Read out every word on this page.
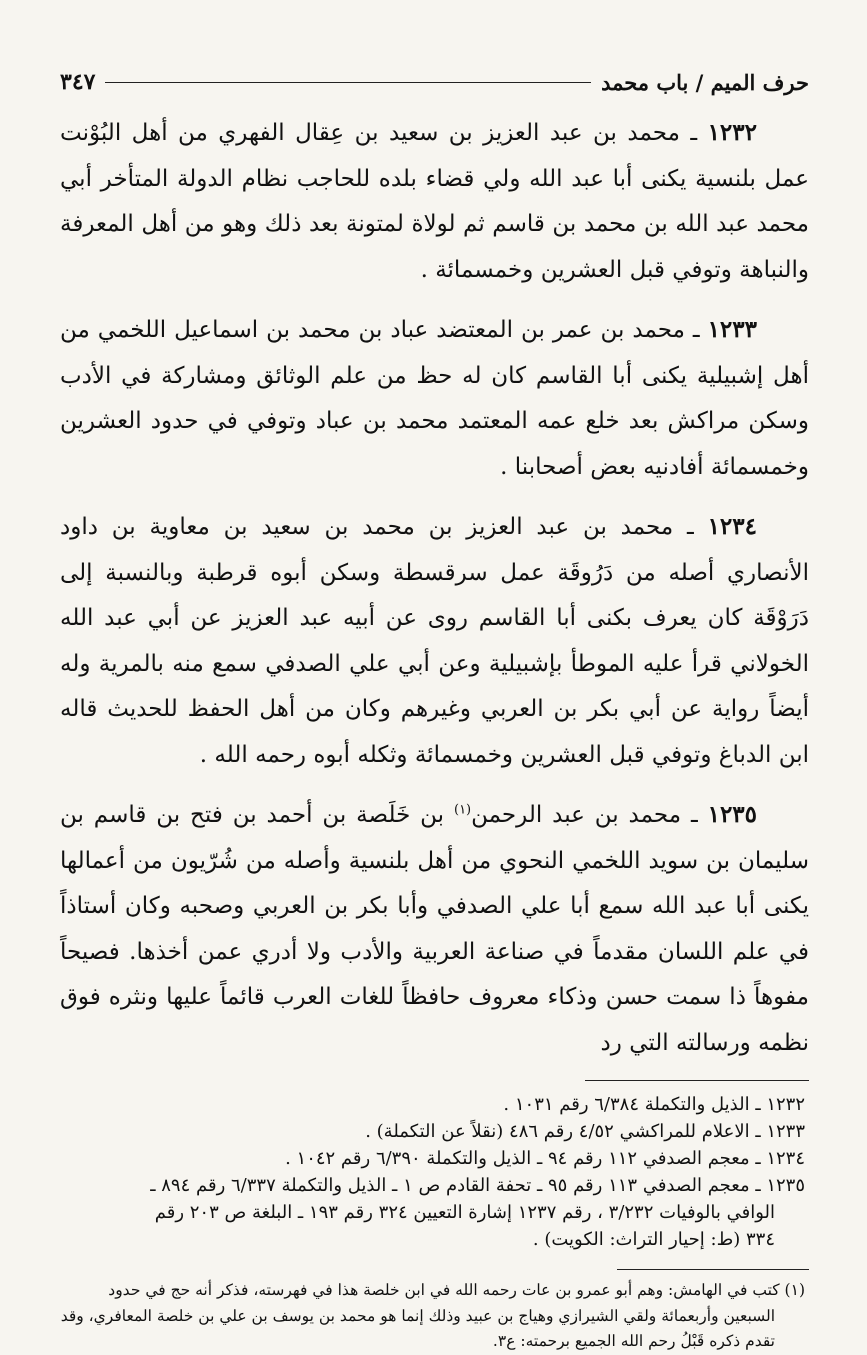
حرف الميم / باب محمد
٣٤٧

١٢٣٢ ـ محمد بن عبد العزيز بن سعيد بن عِقال الفهري من أهل البُوْنت عمل بلنسية يكنى أبا عبد الله ولي قضاء بلده للحاجب نظام الدولة المتأخر أبي محمد عبد الله بن محمد بن قاسم ثم لولاة لمتونة بعد ذلك وهو من أهل المعرفة والنباهة وتوفي قبل العشرين وخمسمائة .

١٢٣٣ ـ محمد بن عمر بن المعتضد عباد بن محمد بن اسماعيل اللخمي من أهل إشبيلية يكنى أبا القاسم كان له حظ من علم الوثائق ومشاركة في الأدب وسكن مراكش بعد خلع عمه المعتمد محمد بن عباد وتوفي في حدود العشرين وخمسمائة أفادنيه بعض أصحابنا .

١٢٣٤ ـ محمد بن عبد العزيز بن محمد بن سعيد بن معاوية بن داود الأنصاري أصله من دَرُوقَة عمل سرقسطة وسكن أبوه قرطبة وبالنسبة إلى دَرَوْقَة كان يعرف بكنى أبا القاسم روى عن أبيه عبد العزيز عن أبي عبد الله الخولاني قرأ عليه الموطأ بإشبيلية وعن أبي علي الصدفي سمع منه بالمرية وله أيضاً رواية عن أبي بكر بن العربي وغيرهم وكان من أهل الحفظ للحديث قاله ابن الدباغ وتوفي قبل العشرين وخمسمائة وثكله أبوه رحمه الله .

١٢٣٥ ـ محمد بن عبد الرحمن$^{(١)}$ بن خَلَصة بن أحمد بن فتح بن قاسم بن سليمان بن سويد اللخمي النحوي من أهل بلنسية وأصله من شُرّيون من أعمالها يكنى أبا عبد الله سمع أبا علي الصدفي وأبا بكر بن العربي وصحبه وكان أستاذاً في علم اللسان مقدماً في صناعة العربية والأدب ولا أدري عمن أخذها. فصيحاً مفوهاً ذا سمت حسن وذكاء معروف حافظاً للغات العرب قائماً عليها ونثره فوق نظمه ورسالته التي رد

١٢٣٢ ـ الذيل والتكملة ٦/٣٨٤ رقم ١٠٣١ .
١٢٣٣ ـ الاعلام للمراكشي ٤/٥٢ رقم ٤٨٦ (نقلاً عن التكملة) .
١٢٣٤ ـ معجم الصدفي ١١٢ رقم ٩٤ ـ الذيل والتكملة ٦/٣٩٠ رقم ١٠٤٢ .
١٢٣٥ ـ معجم الصدفي ١١٣ رقم ٩٥ ـ تحفة القادم ص ١ ـ الذيل والتكملة ٦/٣٣٧ رقم ٨٩٤ ـ
الوافي بالوفيات ٣/٢٣٢ ، رقم ١٢٣٧ إشارة التعيين ٣٢٤ رقم ١٩٣ ـ البلغة ص ٢٠٣ رقم
٣٣٤ (ط: إحيار التراث: الكويت) .
(١) كتب في الهامش: وهم أبو عمرو بن عات رحمه الله في ابن خلصة هذا في فهرسته، فذكر أنه حج في حدود
السبعين وأربعمائة ولقي الشيرازي وهياج بن عبيد وذلك إنما هو محمد بن يوسف بن علي بن خلصة المعافري، وقد تقدم ذكره قَبْلُ رحم الله الجميع برحمته: ع٣.
